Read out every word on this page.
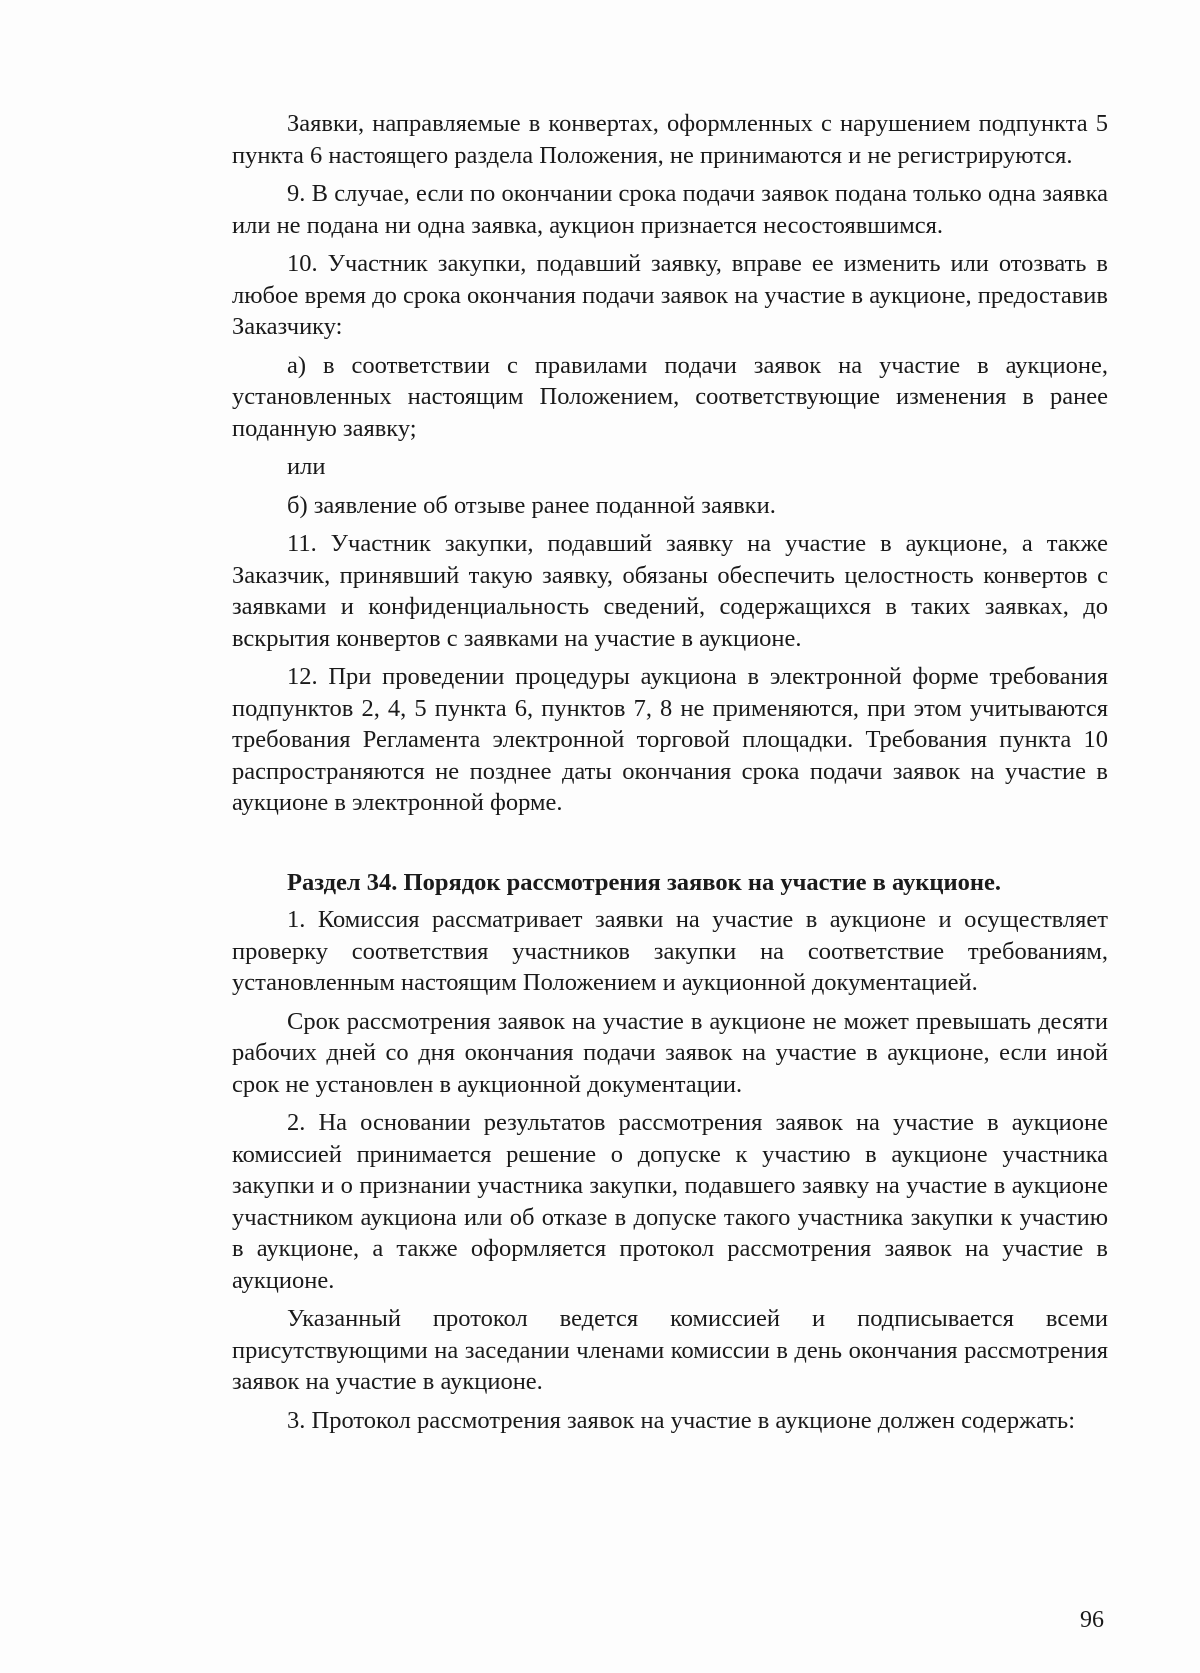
Заявки, направляемые в конвертах, оформленных с нарушением подпункта 5 пункта 6 настоящего раздела Положения, не принимаются и не регистрируются.

9. В случае, если по окончании срока подачи заявок подана только одна заявка или не подана ни одна заявка, аукцион признается несостоявшимся.

10. Участник закупки, подавший заявку, вправе ее изменить или отозвать в любое время до срока окончания подачи заявок на участие в аукционе, предоставив Заказчику:

а) в соответствии с правилами подачи заявок на участие в аукционе, установленных настоящим Положением, соответствующие изменения в ранее поданную заявку;

или

б) заявление об отзыве ранее поданной заявки.

11. Участник закупки, подавший заявку на участие в аукционе, а также Заказчик, принявший такую заявку, обязаны обеспечить целостность конвертов с заявками и конфиденциальность сведений, содержащихся в таких заявках, до вскрытия конвертов с заявками на участие в аукционе.

12. При проведении процедуры аукциона в электронной форме требования подпунктов 2, 4, 5 пункта 6, пунктов 7, 8 не применяются, при этом учитываются требования Регламента электронной торговой площадки. Требования пункта 10 распространяются не позднее даты окончания срока подачи заявок на участие в аукционе в электронной форме.

Раздел 34. Порядок рассмотрения заявок на участие в аукционе.

1. Комиссия рассматривает заявки на участие в аукционе и осуществляет проверку соответствия участников закупки на соответствие требованиям, установленным настоящим Положением и аукционной документацией.

Срок рассмотрения заявок на участие в аукционе не может превышать десяти рабочих дней со дня окончания подачи заявок на участие в аукционе, если иной срок не установлен в аукционной документации.

2. На основании результатов рассмотрения заявок на участие в аукционе комиссией принимается решение о допуске к участию в аукционе участника закупки и о признании участника закупки, подавшего заявку на участие в аукционе участником аукциона или об отказе в допуске такого участника закупки к участию в аукционе, а также оформляется протокол рассмотрения заявок на участие в аукционе.

Указанный протокол ведется комиссией и подписывается всеми присутствующими на заседании членами комиссии в день окончания рассмотрения заявок на участие в аукционе.

3. Протокол рассмотрения заявок на участие в аукционе должен содержать:

96
